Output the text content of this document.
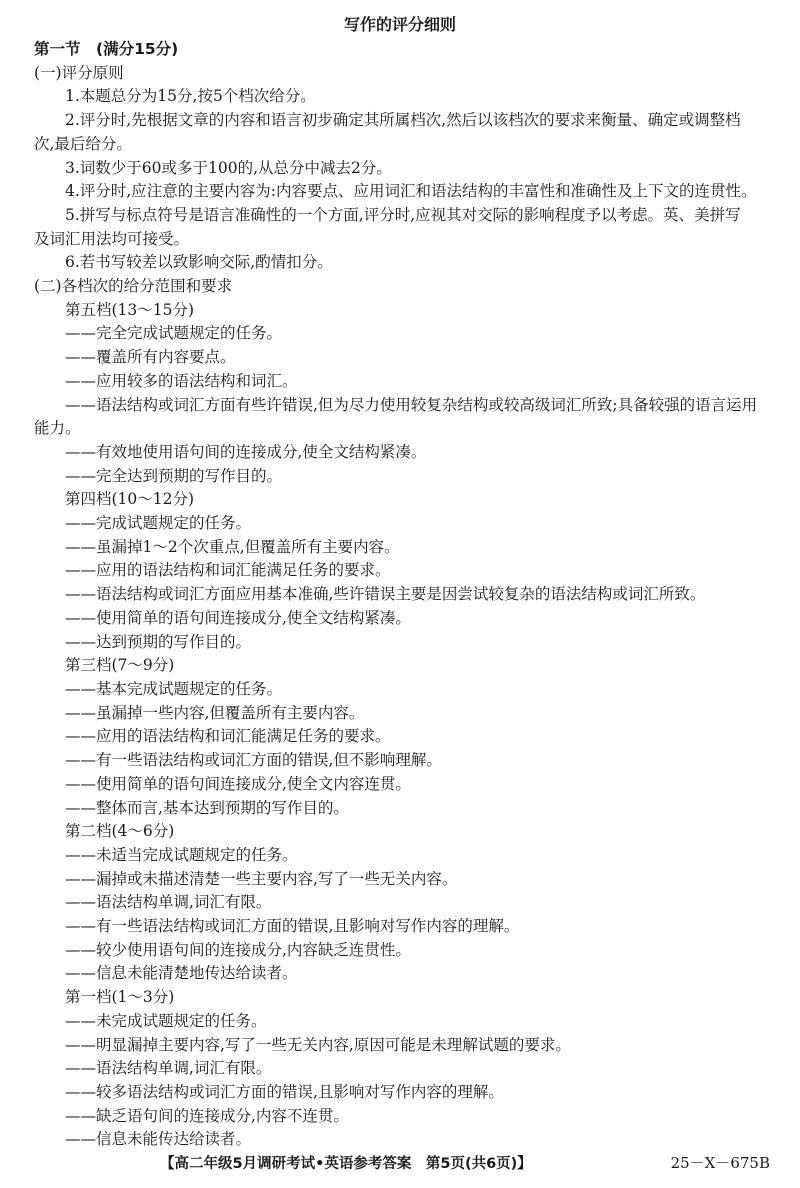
写作的评分细则
第一节　(满分15分)
(一)评分原则
1.本题总分为15分,按5个档次给分。
2.评分时,先根据文章的内容和语言初步确定其所属档次,然后以该档次的要求来衡量、确定或调整档
次,最后给分。
3.词数少于60或多于100的,从总分中减去2分。
4.评分时,应注意的主要内容为:内容要点、应用词汇和语法结构的丰富性和准确性及上下文的连贯性。
5.拼写与标点符号是语言准确性的一个方面,评分时,应视其对交际的影响程度予以考虑。英、美拼写
及词汇用法均可接受。
6.若书写较差以致影响交际,酌情扣分。
(二)各档次的给分范围和要求
第五档(13～15分)
——完全完成试题规定的任务。
——覆盖所有内容要点。
——应用较多的语法结构和词汇。
——语法结构或词汇方面有些许错误,但为尽力使用较复杂结构或较高级词汇所致;具备较强的语言运用
能力。
——有效地使用语句间的连接成分,使全文结构紧凑。
——完全达到预期的写作目的。
第四档(10～12分)
——完成试题规定的任务。
——虽漏掉1～2个次重点,但覆盖所有主要内容。
——应用的语法结构和词汇能满足任务的要求。
——语法结构或词汇方面应用基本准确,些许错误主要是因尝试较复杂的语法结构或词汇所致。
——使用简单的语句间连接成分,使全文结构紧凑。
——达到预期的写作目的。
第三档(7～9分)
——基本完成试题规定的任务。
——虽漏掉一些内容,但覆盖所有主要内容。
——应用的语法结构和词汇能满足任务的要求。
——有一些语法结构或词汇方面的错误,但不影响理解。
——使用简单的语句间连接成分,使全文内容连贯。
——整体而言,基本达到预期的写作目的。
第二档(4～6分)
——未适当完成试题规定的任务。
——漏掉或未描述清楚一些主要内容,写了一些无关内容。
——语法结构单调,词汇有限。
——有一些语法结构或词汇方面的错误,且影响对写作内容的理解。
——较少使用语句间的连接成分,内容缺乏连贯性。
——信息未能清楚地传达给读者。
第一档(1～3分)
——未完成试题规定的任务。
——明显漏掉主要内容,写了一些无关内容,原因可能是未理解试题的要求。
——语法结构单调,词汇有限。
——较多语法结构或词汇方面的错误,且影响对写作内容的理解。
——缺乏语句间的连接成分,内容不连贯。
——信息未能传达给读者。
【高二年级5月调研考试•英语参考答案　第5页(共6页)】	25－X－675B
